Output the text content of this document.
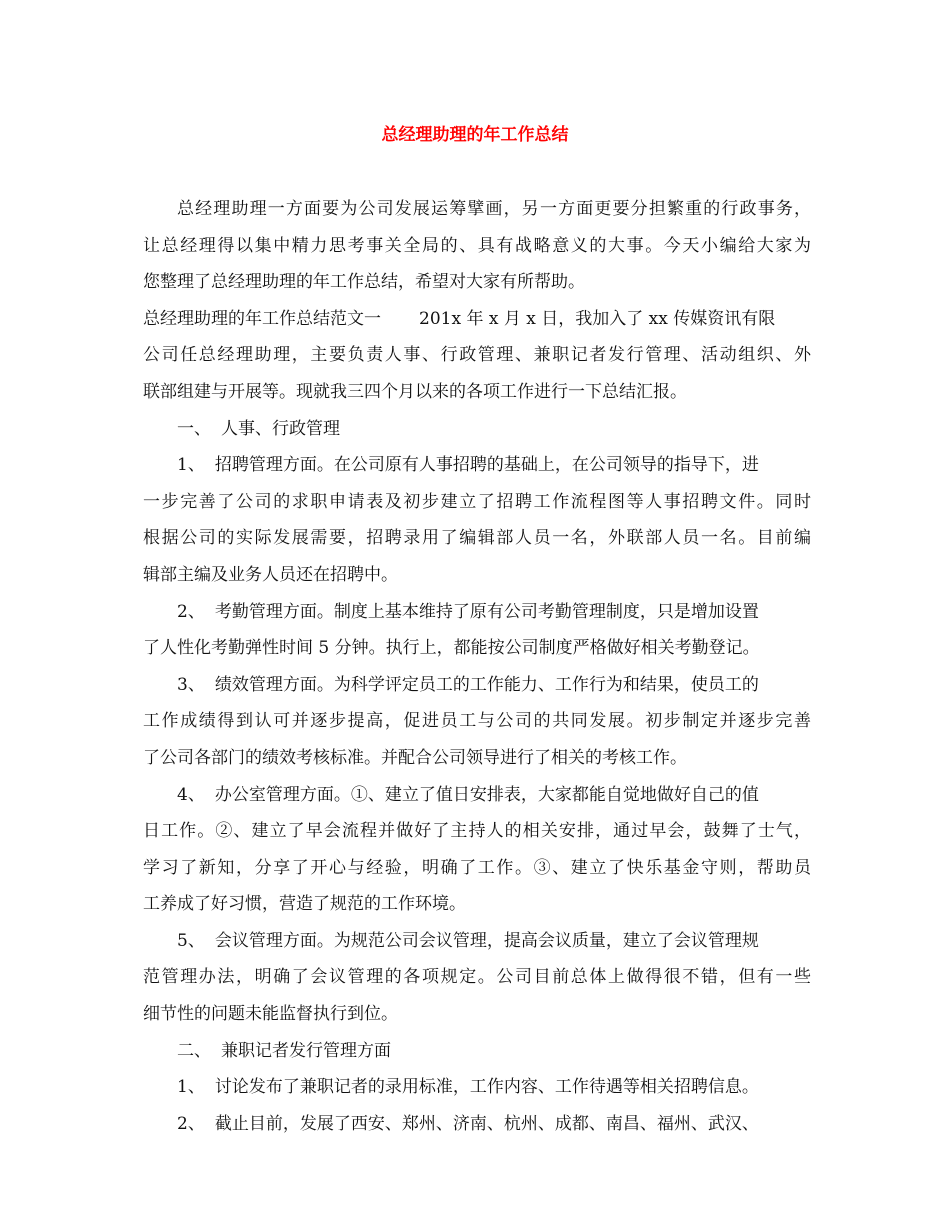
总经理助理的年工作总结
总经理助理一方面要为公司发展运筹擘画，另一方面更要分担繁重的行政事务，
让总经理得以集中精力思考事关全局的、具有战略意义的大事。今天小编给大家为
您整理了总经理助理的年工作总结，希望对大家有所帮助。
总经理助理的年工作总结范文一 201x 年 x 月 x 日，我加入了 xx 传媒资讯有限
公司任总经理助理，主要负责人事、行政管理、兼职记者发行管理、活动组织、外
联部组建与开展等。现就我三四个月以来的各项工作进行一下总结汇报。
一、 人事、行政管理
1、 招聘管理方面。在公司原有人事招聘的基础上，在公司领导的指导下，进
一步完善了公司的求职申请表及初步建立了招聘工作流程图等人事招聘文件。同时
根据公司的实际发展需要，招聘录用了编辑部人员一名，外联部人员一名。目前编
辑部主编及业务人员还在招聘中。
2、 考勤管理方面。制度上基本维持了原有公司考勤管理制度，只是增加设置
了人性化考勤弹性时间 5 分钟。执行上，都能按公司制度严格做好相关考勤登记。
3、 绩效管理方面。为科学评定员工的工作能力、工作行为和结果，使员工的
工作成绩得到认可并逐步提高，促进员工与公司的共同发展。初步制定并逐步完善
了公司各部门的绩效考核标准。并配合公司领导进行了相关的考核工作。
4、 办公室管理方面。①、建立了值日安排表，大家都能自觉地做好自己的值
日工作。②、建立了早会流程并做好了主持人的相关安排，通过早会，鼓舞了士气，
学习了新知，分享了开心与经验，明确了工作。③、建立了快乐基金守则，帮助员
工养成了好习惯，营造了规范的工作环境。
5、 会议管理方面。为规范公司会议管理，提高会议质量，建立了会议管理规
范管理办法，明确了会议管理的各项规定。公司目前总体上做得很不错，但有一些
细节性的问题未能监督执行到位。
二、 兼职记者发行管理方面
1、 讨论发布了兼职记者的录用标准，工作内容、工作待遇等相关招聘信息。
2、 截止目前，发展了西安、郑州、济南、杭州、成都、南昌、福州、武汉、
